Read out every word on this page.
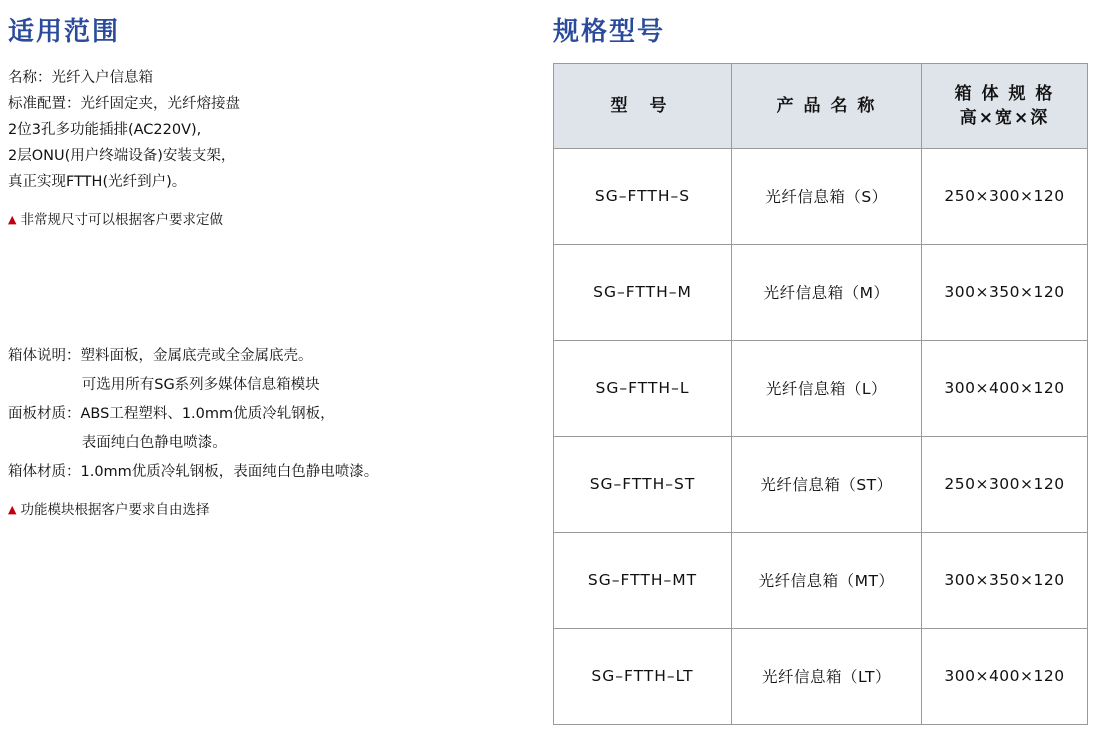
适用范围
名称：光纤入户信息箱
标准配置：光纤固定夹，光纤熔接盘
2位3孔多功能插排(AC220V),
2层ONU(用户终端设备)安装支架，
真正实现FTTH(光纤到户)。
▲ 非常规尺寸可以根据客户要求定做
箱体说明：塑料面板，金属底壳或全金属底壳。
可选用所有SG系列多媒体信息箱模块
面板材质：ABS工程塑料、1.0mm优质冷轧钢板，
表面纯白色静电喷漆。
箱体材质：1.0mm优质冷轧钢板，表面纯白色静电喷漆。
▲ 功能模块根据客户要求自由选择
规格型号
型 号	产 品 名 称	箱 体 规 格
高×宽×深

SG–FTTH–S	光纤信息箱（S）	250×300×120
SG–FTTH–M	光纤信息箱（M）	300×350×120
SG–FTTH–L	光纤信息箱（L）	300×400×120
SG–FTTH–ST	光纤信息箱（ST）	250×300×120
SG–FTTH–MT	光纤信息箱（MT）	300×350×120
SG–FTTH–LT	光纤信息箱（LT）	300×400×120
